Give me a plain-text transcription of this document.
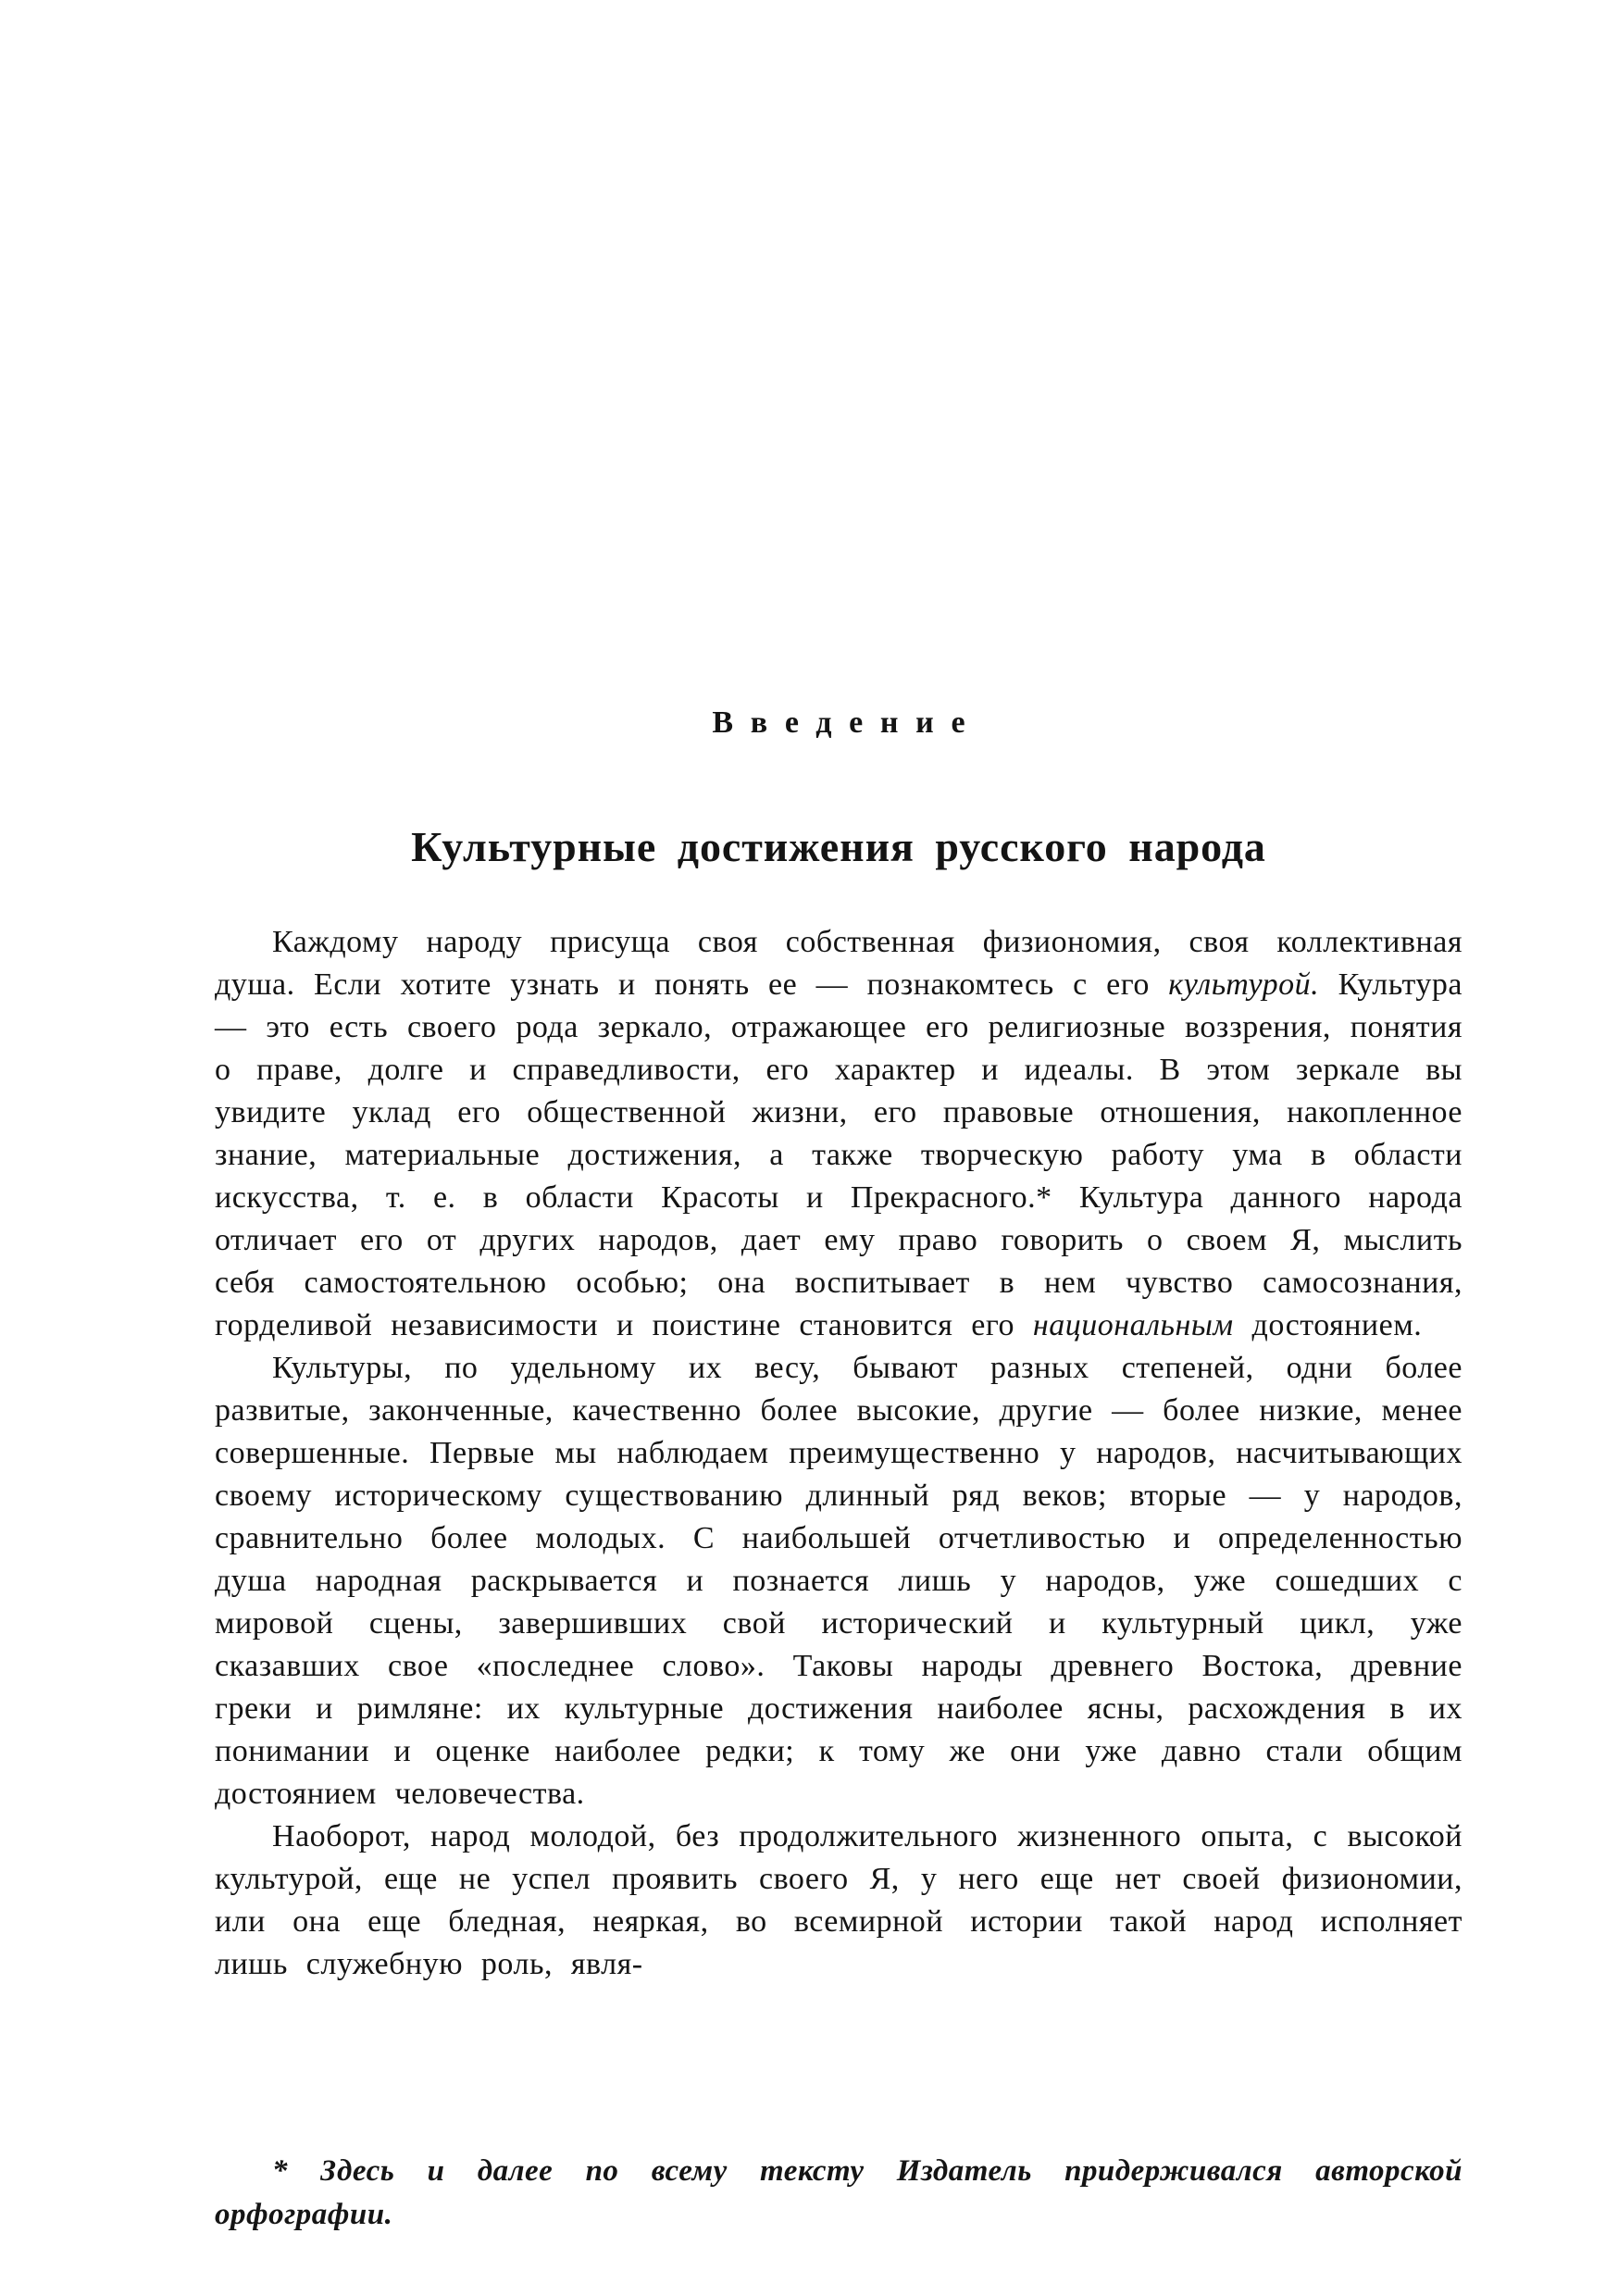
Введение
Культурные достижения русского народа

Каждому народу присуща своя собственная физиономия, своя коллективная душа. Если хотите узнать и понять ее — познакомтесь с его культурой. Культура — это есть своего рода зеркало, отражающее его религиозные воззрения, понятия о праве, долге и справедливости, его характер и идеалы. В этом зеркале вы увидите уклад его общественной жизни, его правовые отношения, накопленное знание, материальные достижения, а также творческую работу ума в области искусства, т. е. в области Красоты и Прекрасного.* Культура данного народа отличает его от других народов, дает ему право говорить о своем Я, мыслить себя самостоятельною особью; она воспитывает в нем чувство самосознания, горделивой независимости и поистине становится его национальным достоянием.

Культуры, по удельному их весу, бывают разных степеней, одни более развитые, законченные, качественно более высокие, другие — более низкие, менее совершенные. Первые мы наблюдаем преимущественно у народов, насчитывающих своему историческому существованию длинный ряд веков; вторые — у народов, сравнительно более молодых. С наибольшей отчетливостью и определенностью душа народная раскрывается и познается лишь у народов, уже сошедших с мировой сцены, завершивших свой исторический и культурный цикл, уже сказавших свое «последнее слово». Таковы народы древнего Востока, древние греки и римляне: их культурные достижения наиболее ясны, расхождения в их понимании и оценке наиболее редки; к тому же они уже давно стали общим достоянием человечества.

Наоборот, народ молодой, без продолжительного жизненного опыта, с высокой культурой, еще не успел проявить своего Я, у него еще нет своей физиономии, или она еще бледная, неяркая, во всемирной истории такой народ исполняет лишь служебную роль, явля-

* Здесь и далее по всему тексту Издатель придерживался авторской орфографии.
